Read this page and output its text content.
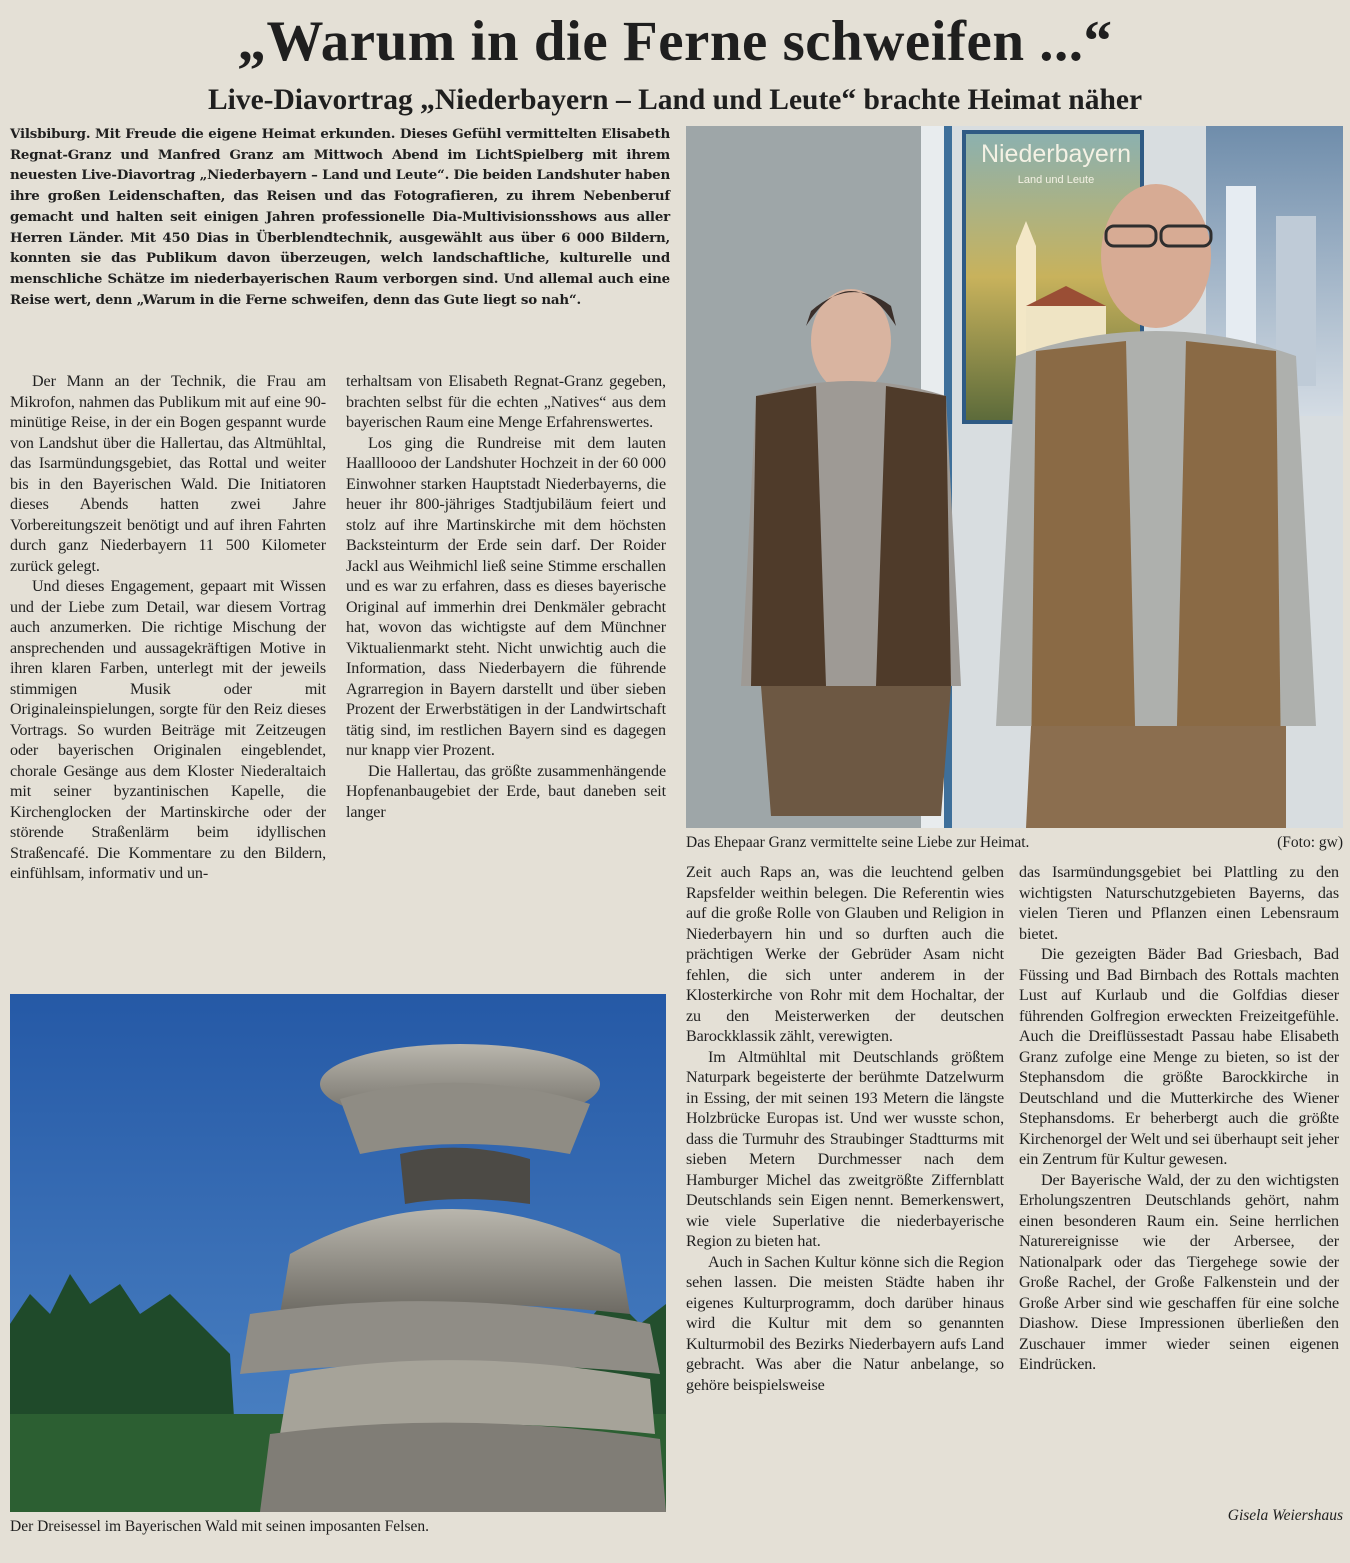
„Warum in die Ferne schweifen ...“
Live-Diavortrag „Niederbayern – Land und Leute“ brachte Heimat näher
Vilsbiburg. Mit Freude die eigene Heimat erkunden. Dieses Gefühl vermittelten Elisabeth Regnat-Granz und Manfred Granz am Mittwoch Abend im LichtSpielberg mit ihrem neuesten Live-Diavortrag „Niederbayern – Land und Leute“. Die beiden Landshuter haben ihre großen Leidenschaften, das Reisen und das Fotografieren, zu ihrem Nebenberuf gemacht und halten seit einigen Jahren professionelle Dia-Multivisionsshows aus aller Herren Länder. Mit 450 Dias in Überblendtechnik, ausgewählt aus über 6 000 Bildern, konnten sie das Publikum davon überzeugen, welch landschaftliche, kulturelle und menschliche Schätze im niederbayerischen Raum verborgen sind. Und allemal auch eine Reise wert, denn „Warum in die Ferne schweifen, denn das Gute liegt so nah“.

Der Mann an der Technik, die Frau am Mikrofon, nahmen das Publikum mit auf eine 90-minütige Reise, in der ein Bogen gespannt wurde von Landshut über die Hallertau, das Altmühltal, das Isarmündungsgebiet, das Rottal und weiter bis in den Bayerischen Wald. Die Initiatoren dieses Abends hatten zwei Jahre Vorbereitungszeit benötigt und auf ihren Fahrten durch ganz Niederbayern 11 500 Kilometer zurück gelegt.

Und dieses Engagement, gepaart mit Wissen und der Liebe zum Detail, war diesem Vortrag auch anzumerken. Die richtige Mischung der ansprechenden und aussagekräftigen Motive in ihren klaren Farben, unterlegt mit der jeweils stimmigen Musik oder mit Originaleinspielungen, sorgte für den Reiz dieses Vortrags. So wurden Beiträge mit Zeitzeugen oder bayerischen Originalen eingeblendet, chorale Gesänge aus dem Kloster Niederaltaich mit seiner byzantinischen Kapelle, die Kirchenglocken der Martinskirche oder der störende Straßenlärm beim idyllischen Straßencafé. Die Kommentare zu den Bildern, einfühlsam, informativ und un-

terhaltsam von Elisabeth Regnat-Granz gegeben, brachten selbst für die echten „Natives“ aus dem bayerischen Raum eine Menge Erfahrenswertes.

Los ging die Rundreise mit dem lauten Haallloooo der Landshuter Hochzeit in der 60 000 Einwohner starken Hauptstadt Niederbayerns, die heuer ihr 800-jähriges Stadtjubiläum feiert und stolz auf ihre Martinskirche mit dem höchsten Backsteinturm der Erde sein darf. Der Roider Jackl aus Weihmichl ließ seine Stimme erschallen und es war zu erfahren, dass es dieses bayerische Original auf immerhin drei Denkmäler gebracht hat, wovon das wichtigste auf dem Münchner Viktualienmarkt steht. Nicht unwichtig auch die Information, dass Niederbayern die führende Agrarregion in Bayern darstellt und über sieben Prozent der Erwerbstätigen in der Landwirtschaft tätig sind, im restlichen Bayern sind es dagegen nur knapp vier Prozent.

Die Hallertau, das größte zusammenhängende Hopfenanbaugebiet der Erde, baut daneben seit langer

Niederbayern
Land und Leute
Das Ehepaar Granz vermittelte seine Liebe zur Heimat.	(Foto: gw)

Zeit auch Raps an, was die leuchtend gelben Rapsfelder weithin belegen. Die Referentin wies auf die große Rolle von Glauben und Religion in Niederbayern hin und so durften auch die prächtigen Werke der Gebrüder Asam nicht fehlen, die sich unter anderem in der Klosterkirche von Rohr mit dem Hochaltar, der zu den Meisterwerken der deutschen Barockklassik zählt, verewigten.

Im Altmühltal mit Deutschlands größtem Naturpark begeisterte der berühmte Datzelwurm in Essing, der mit seinen 193 Metern die längste Holzbrücke Europas ist. Und wer wusste schon, dass die Turmuhr des Straubinger Stadtturms mit sieben Metern Durchmesser nach dem Hamburger Michel das zweitgrößte Ziffernblatt Deutschlands sein Eigen nennt. Bemerkenswert, wie viele Superlative die niederbayerische Region zu bieten hat.

Auch in Sachen Kultur könne sich die Region sehen lassen. Die meisten Städte haben ihr eigenes Kulturprogramm, doch darüber hinaus wird die Kultur mit dem so genannten Kulturmobil des Bezirks Niederbayern aufs Land gebracht. Was aber die Natur anbelange, so gehöre beispielsweise

das Isarmündungsgebiet bei Plattling zu den wichtigsten Naturschutzgebieten Bayerns, das vielen Tieren und Pflanzen einen Lebensraum bietet.

Die gezeigten Bäder Bad Griesbach, Bad Füssing und Bad Birnbach des Rottals machten Lust auf Kurlaub und die Golfdias dieser führenden Golfregion erweckten Freizeitgefühle. Auch die Dreiflüssestadt Passau habe Elisabeth Granz zufolge eine Menge zu bieten, so ist der Stephansdom die größte Barockkirche in Deutschland und die Mutterkirche des Wiener Stephansdoms. Er beherbergt auch die größte Kirchenorgel der Welt und sei überhaupt seit jeher ein Zentrum für Kultur gewesen.

Der Bayerische Wald, der zu den wichtigsten Erholungszentren Deutschlands gehört, nahm einen besonderen Raum ein. Seine herrlichen Naturereignisse wie der Arbersee, der Nationalpark oder das Tiergehege sowie der Große Rachel, der Große Falkenstein und der Große Arber sind wie geschaffen für eine solche Diashow. Diese Impressionen überließen den Zuschauer immer wieder seinen eigenen Eindrücken.

Gisela Weiershaus
Der Dreisessel im Bayerischen Wald mit seinen imposanten Felsen.
